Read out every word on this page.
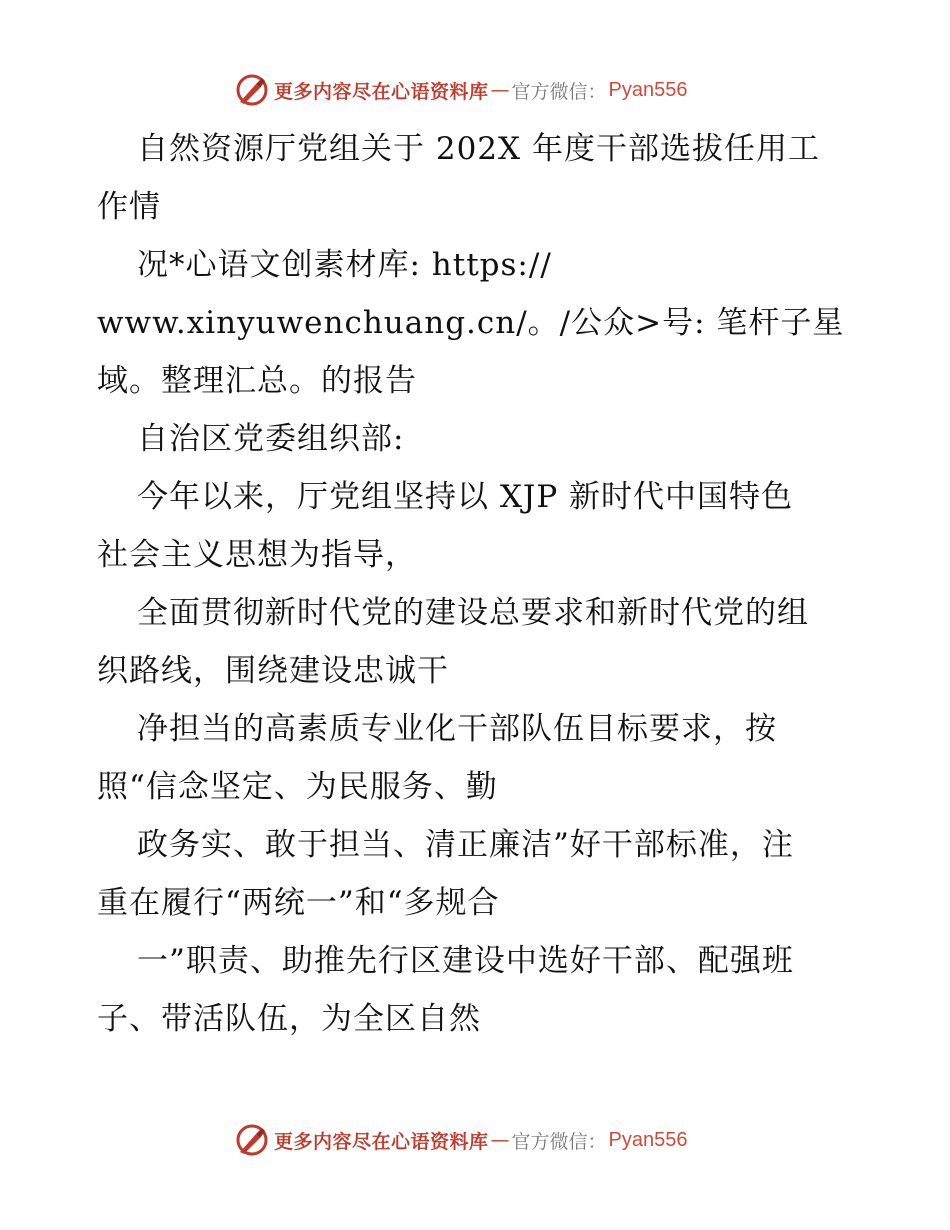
更多内容尽在心语资料库 — 官方微信： Pyan556
自然资源厅党组关于 202X 年度干部选拔任用工
作情
况*心语文创素材库: https://
www.xinyuwenchuang.cn/。/公众>号: 笔杆子星
域。整理汇总。的报告
自治区党委组织部:
今年以来，厅党组坚持以 XJP 新时代中国特色
社会主义思想为指导，
全面贯彻新时代党的建设总要求和新时代党的组
织路线，围绕建设忠诚干
净担当的高素质专业化干部队伍目标要求，按
照“信念坚定、为民服务、勤
政务实、敢于担当、清正廉洁”好干部标准，注
重在履行“两统一”和“多规合
一”职责、助推先行区建设中选好干部、配强班
子、带活队伍，为全区自然
更多内容尽在心语资料库 — 官方微信： Pyan556
